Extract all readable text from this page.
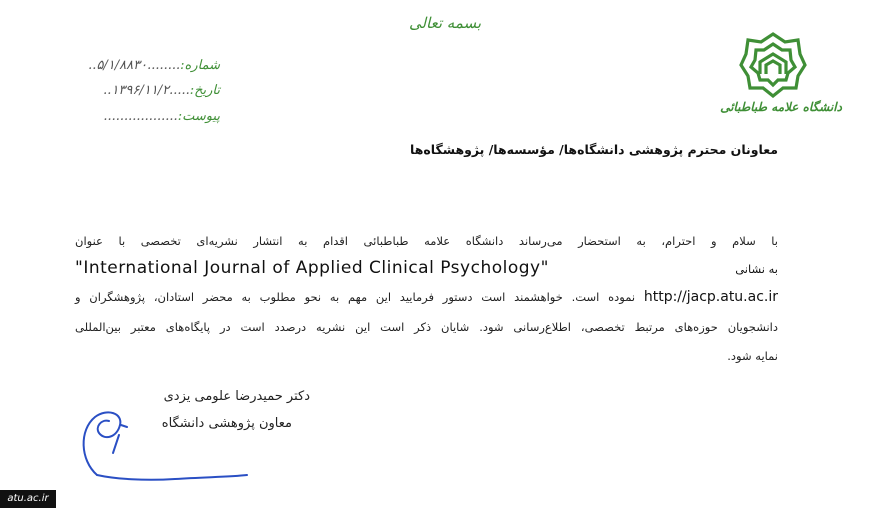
بسمه تعالی
دانشگاه علامه طباطبائی
شماره:........۵/۱/۸۸۳۰..
تاریخ:.....۱۳۹۶/۱۱/۲..
پیوست:..................
معاونان محترم پژوهشی دانشگاه‌ها/ مؤسسه‌ها/ پژوهشگاه‌ها
با سلام و احترام، به استحضار می‌رساند دانشگاه علامه طباطبائی اقدام به انتشار نشریه‌ای تخصصی با عنوان
به نشانی
"International Journal of Applied Clinical Psychology"
http://jacp.atu.ac.ir نموده است. خواهشمند است دستور فرمایید این مهم به نحو مطلوب به محضر استادان، پژوهشگران و
دانشجویان حوزه‌های مرتبط تخصصی، اطلاع‌رسانی شود. شایان ذکر است این نشریه درصدد است در پایگاه‌های معتبر بین‌المللی
نمایه شود.
دکتر حمیدرضا علومی یزدی
معاون پژوهشی دانشگاه
atu.ac.ir
